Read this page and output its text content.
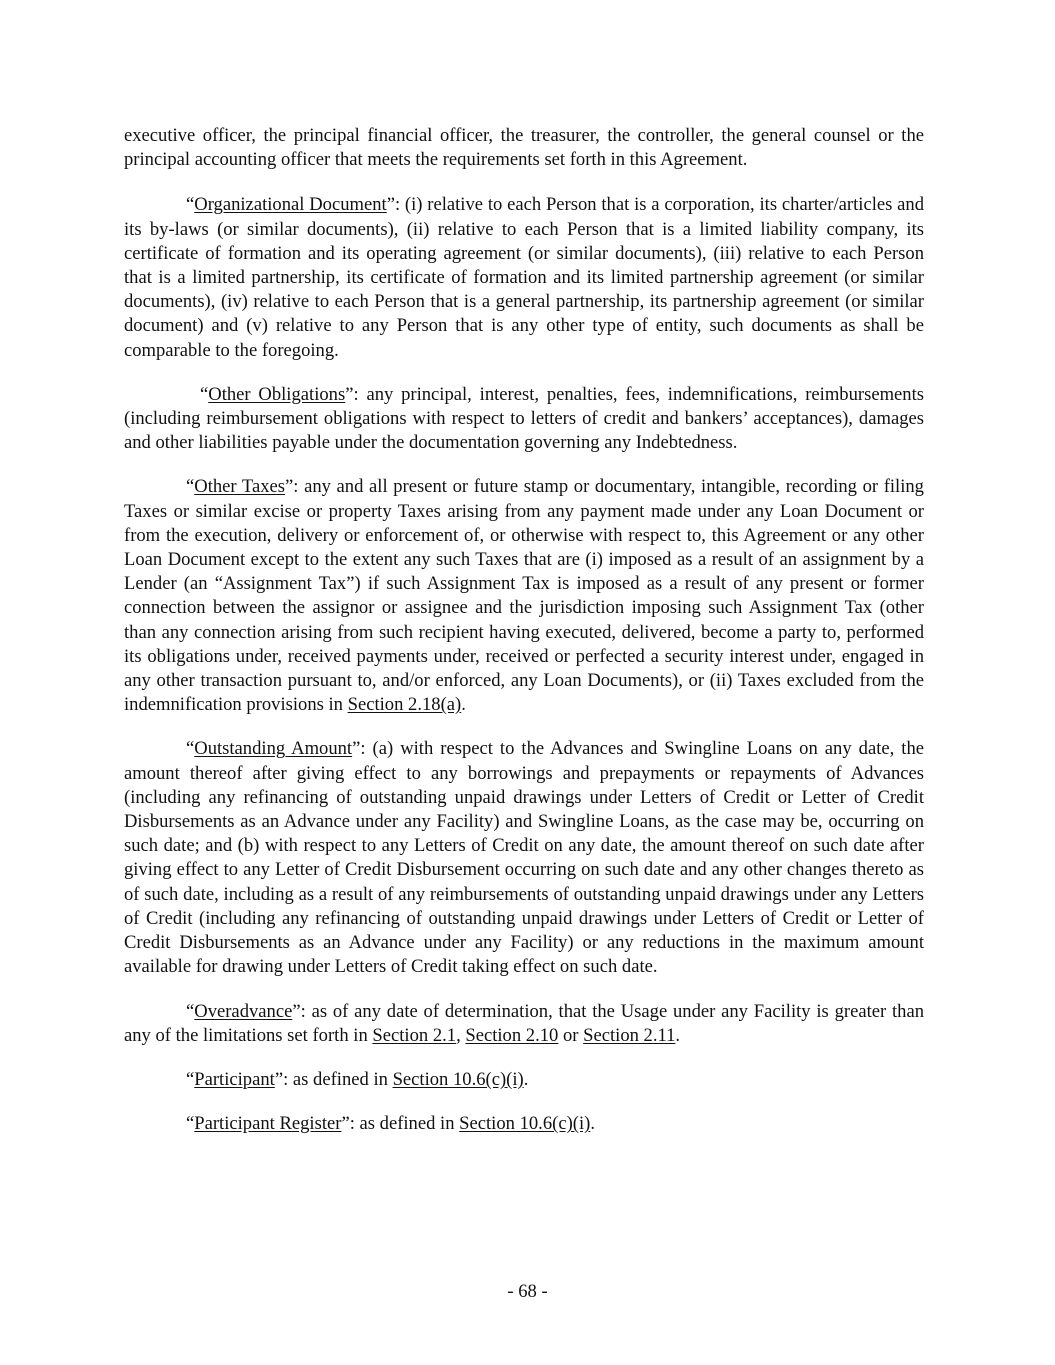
executive officer, the principal financial officer, the treasurer, the controller, the general counsel or the principal accounting officer that meets the requirements set forth in this Agreement.

“Organizational Document”: (i) relative to each Person that is a corporation, its charter/articles and its by-laws (or similar documents), (ii) relative to each Person that is a limited liability company, its certificate of formation and its operating agreement (or similar documents), (iii) relative to each Person that is a limited partnership, its certificate of formation and its limited partnership agreement (or similar documents), (iv) relative to each Person that is a general partnership, its partnership agreement (or similar document) and (v) relative to any Person that is any other type of entity, such documents as shall be comparable to the foregoing.

“Other Obligations”: any principal, interest, penalties, fees, indemnifications, reimbursements (including reimbursement obligations with respect to letters of credit and bankers’ acceptances), damages and other liabilities payable under the documentation governing any Indebtedness.

“Other Taxes”: any and all present or future stamp or documentary, intangible, recording or filing Taxes or similar excise or property Taxes arising from any payment made under any Loan Document or from the execution, delivery or enforcement of, or otherwise with respect to, this Agreement or any other Loan Document except to the extent any such Taxes that are (i) imposed as a result of an assignment by a Lender (an “Assignment Tax”) if such Assignment Tax is imposed as a result of any present or former connection between the assignor or assignee and the jurisdiction imposing such Assignment Tax (other than any connection arising from such recipient having executed, delivered, become a party to, performed its obligations under, received payments under, received or perfected a security interest under, engaged in any other transaction pursuant to, and/or enforced, any Loan Documents), or (ii) Taxes excluded from the indemnification provisions in Section 2.18(a).

“Outstanding Amount”: (a) with respect to the Advances and Swingline Loans on any date, the amount thereof after giving effect to any borrowings and prepayments or repayments of Advances (including any refinancing of outstanding unpaid drawings under Letters of Credit or Letter of Credit Disbursements as an Advance under any Facility) and Swingline Loans, as the case may be, occurring on such date; and (b) with respect to any Letters of Credit on any date, the amount thereof on such date after giving effect to any Letter of Credit Disbursement occurring on such date and any other changes thereto as of such date, including as a result of any reimbursements of outstanding unpaid drawings under any Letters of Credit (including any refinancing of outstanding unpaid drawings under Letters of Credit or Letter of Credit Disbursements as an Advance under any Facility) or any reductions in the maximum amount available for drawing under Letters of Credit taking effect on such date.

“Overadvance”: as of any date of determination, that the Usage under any Facility is greater than any of the limitations set forth in Section 2.1, Section 2.10 or Section 2.11.

“Participant”: as defined in Section 10.6(c)(i).

“Participant Register”: as defined in Section 10.6(c)(i).

- 68 -
